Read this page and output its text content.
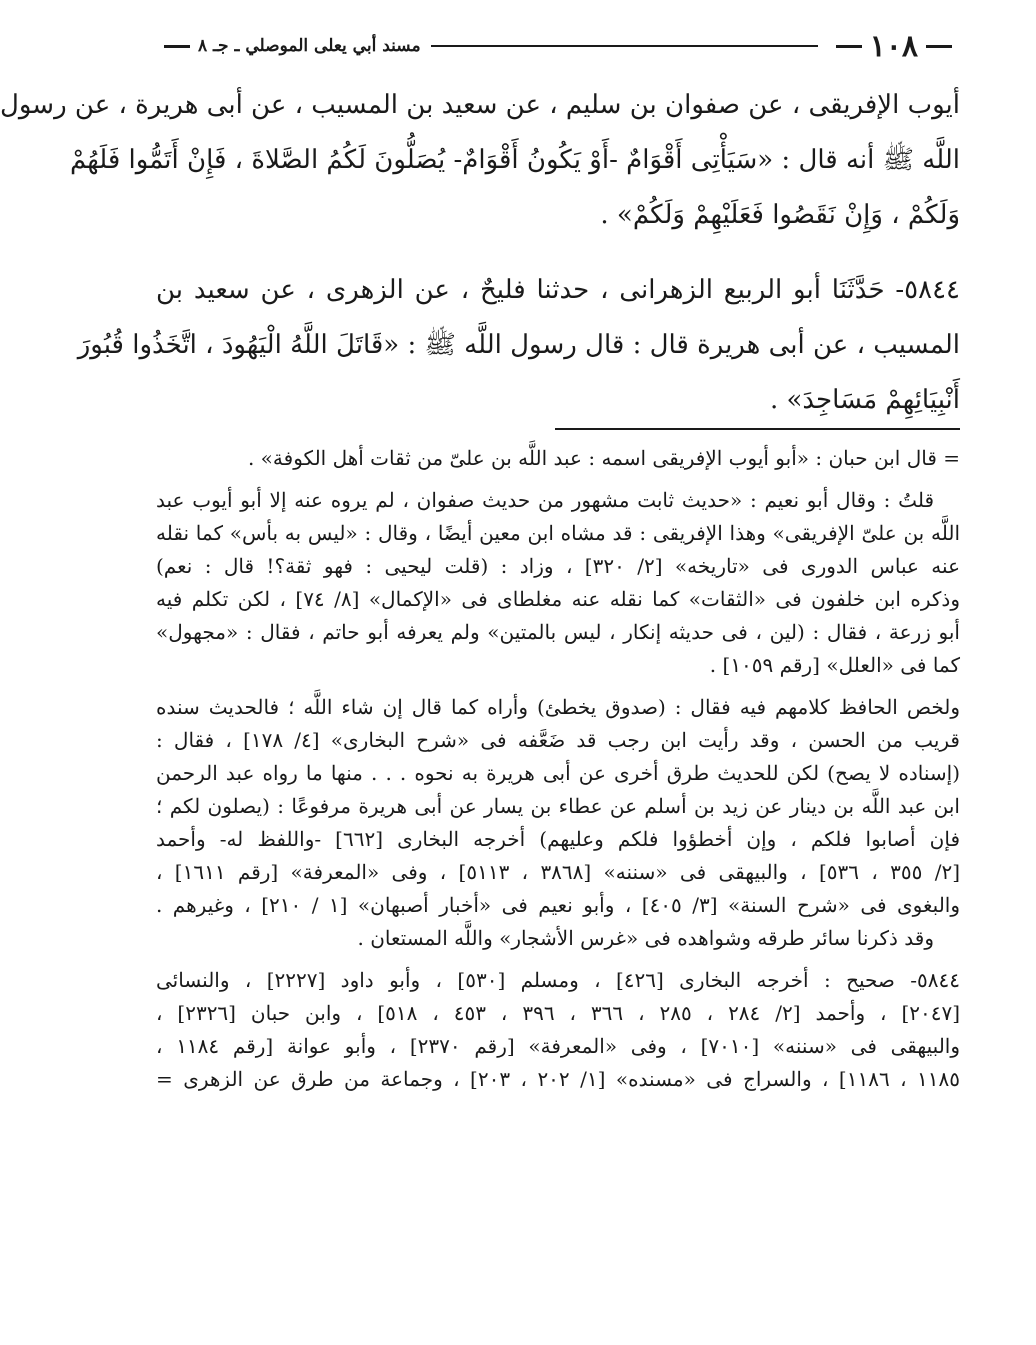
١٠٨
مسند أبي يعلى الموصلي ـ جـ ٨
أيوب الإفريقى ، عن صفوان بن سليم ، عن سعيد بن المسيب ، عن أبى هريرة ، عن رسول
اللَّه ﷺ أنه قال : «سَيَأْتِى أَقْوَامٌ -أَوْ يَكُونُ أَقْوَامٌ- يُصَلُّونَ لَكُمُ الصَّلاةَ ، فَإِنْ أَتَمُّوا فَلَهُمْ
وَلَكُمْ ، وَإِنْ نَقَصُوا فَعَلَيْهِمْ وَلَكُمْ» .
٥٨٤٤- حَدَّثَنَا أبو الربيع الزهرانى ، حدثنا فليحٌ ، عن الزهرى ، عن سعيد بن
المسيب ، عن أبى هريرة قال : قال رسول اللَّه ﷺ : «قَاتَلَ اللَّهُ الْيَهُودَ ، اتَّخَذُوا قُبُورَ
أَنْبِيَائِهِمْ مَسَاجِدَ» .
= قال ابن حبان : «أبو أيوب الإفريقى اسمه : عبد اللَّه بن علىّ من ثقات أهل الكوفة» .
قلتُ : وقال أبو نعيم : «حديث ثابت مشهور من حديث صفوان ، لم يروه عنه إلا أبو أيوب عبد
اللَّه بن علىّ الإفريقى» وهذا الإفريقى : قد مشاه ابن معين أيضًا ، وقال : «ليس به بأس» كما نقله
عنه عباس الدورى فى «تاريخه» [٢/ ٣٢٠] ، وزاد : (قلت ليحيى : فهو ثقة؟! قال : نعم)
وذكره ابن خلفون فى «الثقات» كما نقله عنه مغلطاى فى «الإكمال» [٨/ ٧٤] ، لكن تكلم فيه
أبو زرعة ، فقال : (لين ، فى حديثه إنكار ، ليس بالمتين» ولم يعرفه أبو حاتم ، فقال : «مجهول»
كما فى «العلل» [رقم ١٠٥٩] .
ولخص الحافظ كلامهم فيه فقال : (صدوق يخطئ) وأراه كما قال إن شاء اللَّه ؛ فالحديث سنده
قريب من الحسن ، وقد رأيت ابن رجب قد ضَعَّفه فى «شرح البخارى» [٤/ ١٧٨] ، فقال :
(إسناده لا يصح) لكن للحديث طرق أخرى عن أبى هريرة به نحوه . . . منها ما رواه عبد الرحمن
ابن عبد اللَّه بن دينار عن زيد بن أسلم عن عطاء بن يسار عن أبى هريرة مرفوعًا : (يصلون لكم ؛
فإن أصابوا فلكم ، وإن أخطؤوا فلكم وعليهم) أخرجه البخارى [٦٦٢] -واللفظ له- وأحمد
[٢/ ٣٥٥ ، ٥٣٦] ، والبيهقى فى «سننه» [٣٨٦٨ ، ٥١١٣] ، وفى «المعرفة» [رقم ١٦١١] ،
والبغوى فى «شرح السنة» [٣/ ٤٠٥] ، وأبو نعيم فى «أخبار أصبهان» [١ / ٢١٠] ، وغيرهم .
وقد ذكرنا سائر طرقه وشواهده فى «غرس الأشجار» واللَّه المستعان .
٥٨٤٤- صحيح : أخرجه البخارى [٤٢٦] ، ومسلم [٥٣٠] ، وأبو داود [٢٢٢٧] ، والنسائى
[٢٠٤٧] ، وأحمد [٢/ ٢٨٤ ، ٢٨٥ ، ٣٦٦ ، ٣٩٦ ، ٤٥٣ ، ٥١٨] ، وابن حبان [٢٣٢٦] ،
والبيهقى فى «سننه» [٧٠١٠] ، وفى «المعرفة» [رقم ٢٣٧٠] ، وأبو عوانة [رقم ١١٨٤ ،
١١٨٥ ، ١١٨٦] ، والسراج فى «مسنده» [١/ ٢٠٢ ، ٢٠٣] ، وجماعة من طرق عن الزهرى =
